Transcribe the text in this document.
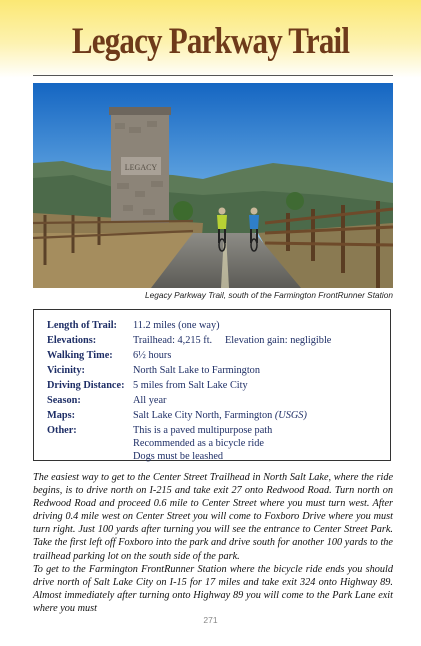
Legacy Parkway Trail
LEGACY
Legacy Parkway Trail, south of the Farmington FrontRunner Station
Length of Trail: 11.2 miles (one way)
Elevations:	Trailhead: 4,215 ft.     Elevation gain: negligible
Walking Time: 6½ hours
Vicinity:	North Salt Lake to Farmington
Driving Distance: 5 miles from Salt Lake City
Season:	All year
Maps:	Salt Lake City North, Farmington (USGS)
Other:	This is a paved multipurpose path
Recommended as a bicycle ride
Dogs must be leashed

The easiest way to get to the Center Street Trailhead in North Salt Lake, where the ride begins, is to drive north on I-215 and take exit 27 onto Redwood Road. Turn north on Redwood Road and proceed 0.6 mile to Center Street where you must turn west. After driving 0.4 mile west on Center Street you will come to Foxboro Drive where you must turn right. Just 100 yards after turning you will see the entrance to Center Street Park. Take the first left off Foxboro into the park and drive south for another 100 yards to the trailhead parking lot on the south side of the park.

To get to the Farmington FrontRunner Station where the bicycle ride ends you should drive north of Salt Lake City on I-15 for 17 miles and take exit 324 onto Highway 89. Almost immediately after turning onto Highway 89 you will come to the Park Lane exit where you must

271
